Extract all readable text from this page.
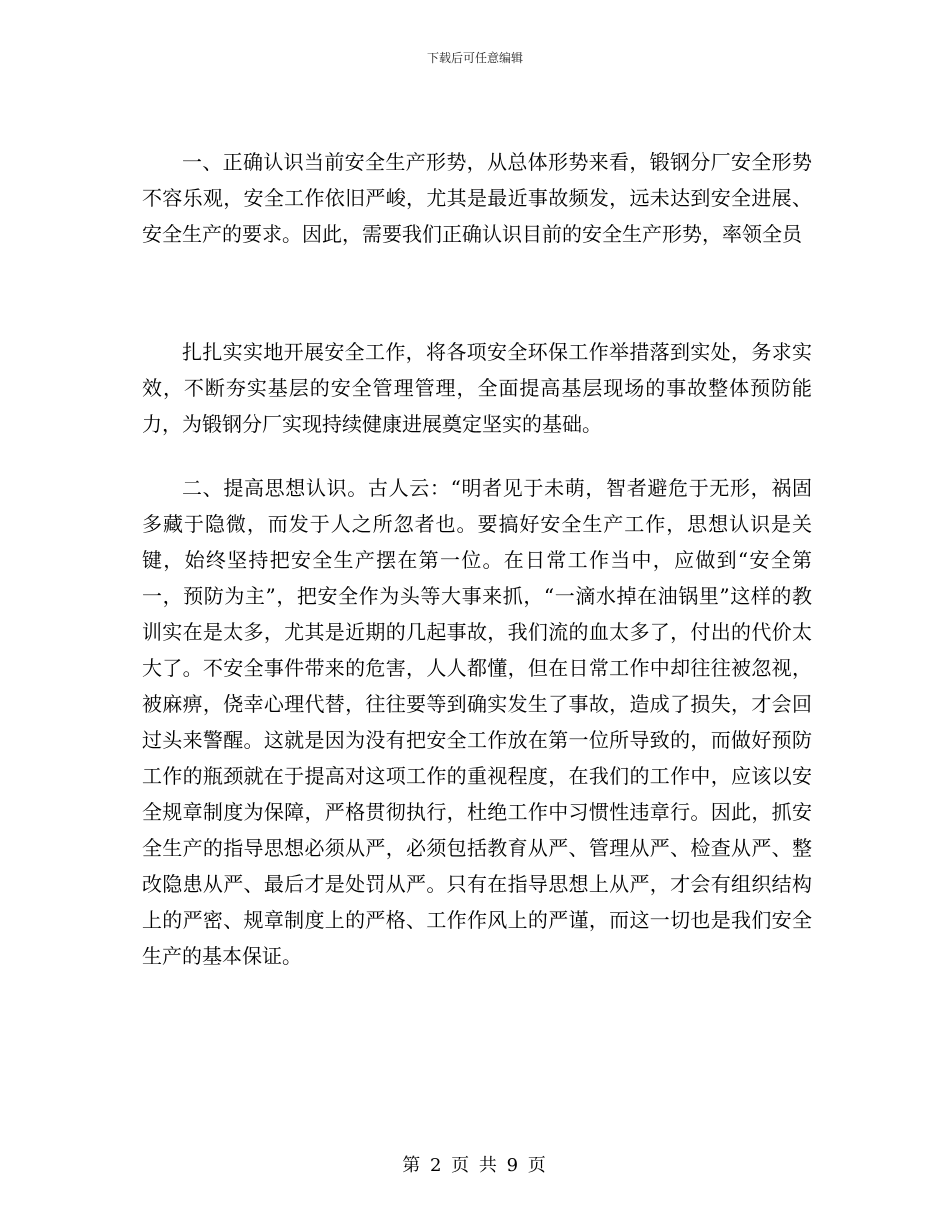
下载后可任意编辑

一、正确认识当前安全生产形势，从总体形势来看，锻钢分厂安全形势不容乐观，安全工作依旧严峻，尤其是最近事故频发，远未达到安全进展、安全生产的要求。因此，需要我们正确认识目前的安全生产形势，率领全员

扎扎实实地开展安全工作，将各项安全环保工作举措落到实处，务求实效，不断夯实基层的安全管理管理，全面提高基层现场的事故整体预防能力，为锻钢分厂实现持续健康进展奠定坚实的基础。

二、提高思想认识。古人云：“明者见于未萌，智者避危于无形，祸固多藏于隐微，而发于人之所忽者也。要搞好安全生产工作，思想认识是关键，始终坚持把安全生产摆在第一位。在日常工作当中，应做到“安全第一，预防为主”，把安全作为头等大事来抓，“一滴水掉在油锅里”这样的教训实在是太多，尤其是近期的几起事故，我们流的血太多了，付出的代价太大了。不安全事件带来的危害，人人都懂，但在日常工作中却往往被忽视，被麻痹，侥幸心理代替，往往要等到确实发生了事故，造成了损失，才会回过头来警醒。这就是因为没有把安全工作放在第一位所导致的，而做好预防工作的瓶颈就在于提高对这项工作的重视程度，在我们的工作中，应该以安全规章制度为保障，严格贯彻执行，杜绝工作中习惯性违章行。因此，抓安全生产的指导思想必须从严，必须包括教育从严、管理从严、检查从严、整改隐患从严、最后才是处罚从严。只有在指导思想上从严，才会有组织结构上的严密、规章制度上的严格、工作作风上的严谨，而这一切也是我们安全生产的基本保证。

第 2 页 共 9 页
